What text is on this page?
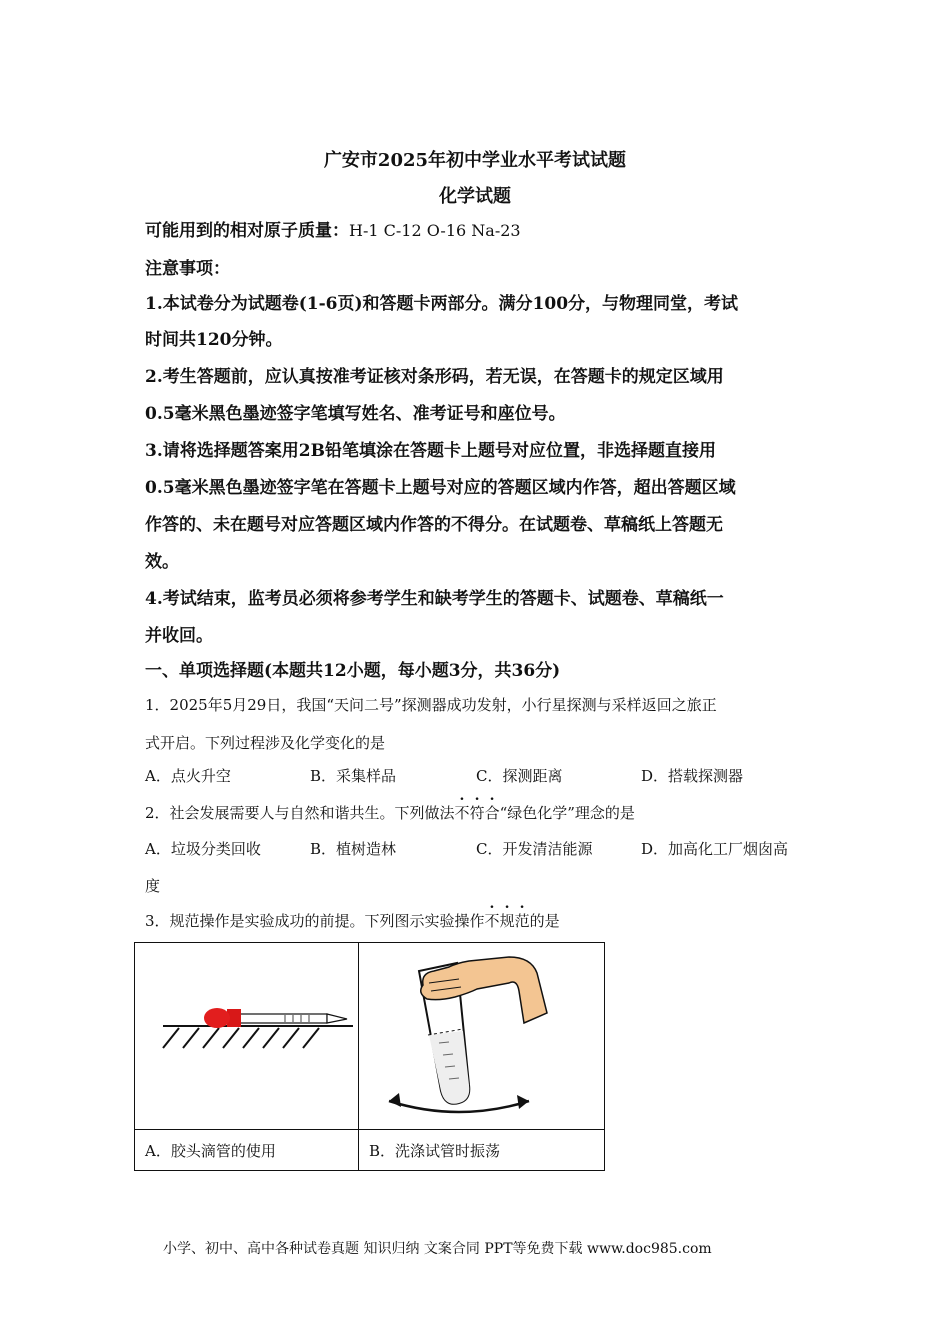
广安市2025年初中学业水平考试试题
化学试题
可能用到的相对原子质量：H-1 C-12 O-16 Na-23
注意事项：
1.本试卷分为试题卷(1-6页)和答题卡两部分。满分100分，与物理同堂，考试
时间共120分钟。
2.考生答题前，应认真按准考证核对条形码，若无误，在答题卡的规定区域用
0.5毫米黑色墨迹签字笔填写姓名、准考证号和座位号。
3.请将选择题答案用2B铅笔填涂在答题卡上题号对应位置，非选择题直接用
0.5毫米黑色墨迹签字笔在答题卡上题号对应的答题区域内作答，超出答题区域
作答的、未在题号对应答题区域内作答的不得分。在试题卷、草稿纸上答题无
效。
4.考试结束，监考员必须将参考学生和缺考学生的答题卡、试题卷、草稿纸一
并收回。
一、单项选择题(本题共12小题，每小题3分，共36分)
1．2025年5月29日，我国“天问二号”探测器成功发射，小行星探测与采样返回之旅正
式开启。下列过程涉及化学变化的是
A．点火升空	B．采集样品	C．探测距离	D．搭载探测器
2．社会发展需要人与自然和谐共生。下列做法不符合“绿色化学”理念的是
A．垃圾分类回收	B．植树造林	C．开发清洁能源	D．加高化工厂烟囱高
度
3．规范操作是实验成功的前提。下列图示实验操作不规范的是

A．胶头滴管的使用	B．洗涤试管时振荡
小学、初中、高中各种试卷真题 知识归纳 文案合同 PPT等免费下载 www.doc985.com
